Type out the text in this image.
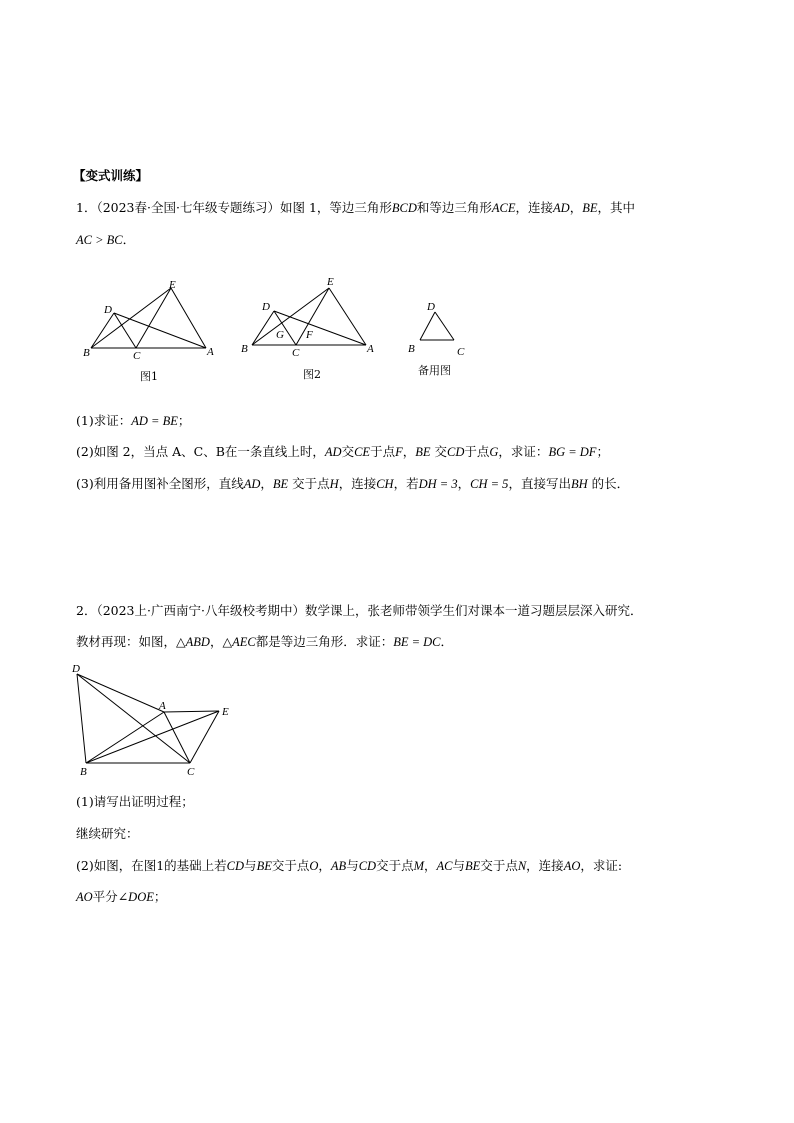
【变式训练】
1．（2023春·全国·七年级专题练习）如图 1，等边三角形BCD和等边三角形ACE，连接AD，BE，其中
AC > BC．
D
E
B	C	A
图1
D
E
G F
B	C	A
图2
D
B	C
备用图
(1)求证：AD = BE；
(2)如图 2，当点 A、C、B在一条直线上时，AD交CE于点F，BE 交CD于点G，求证：BG = DF；
(3)利用备用图补全图形，直线AD，BE 交于点H，连接CH，若DH = 3，CH = 5，直接写出BH 的长．
2．（2023上·广西南宁·八年级校考期中）数学课上，张老师带领学生们对课本一道习题层层深入研究．
教材再现：如图，△ABD，△AEC都是等边三角形．求证：BE = DC．
D
A	E
B	C
(1)请写出证明过程；
继续研究：
(2)如图，在图1的基础上若CD与BE交于点O，AB与CD交于点M，AC与BE交于点N，连接AO，求证:
AO平分∠DOE；
